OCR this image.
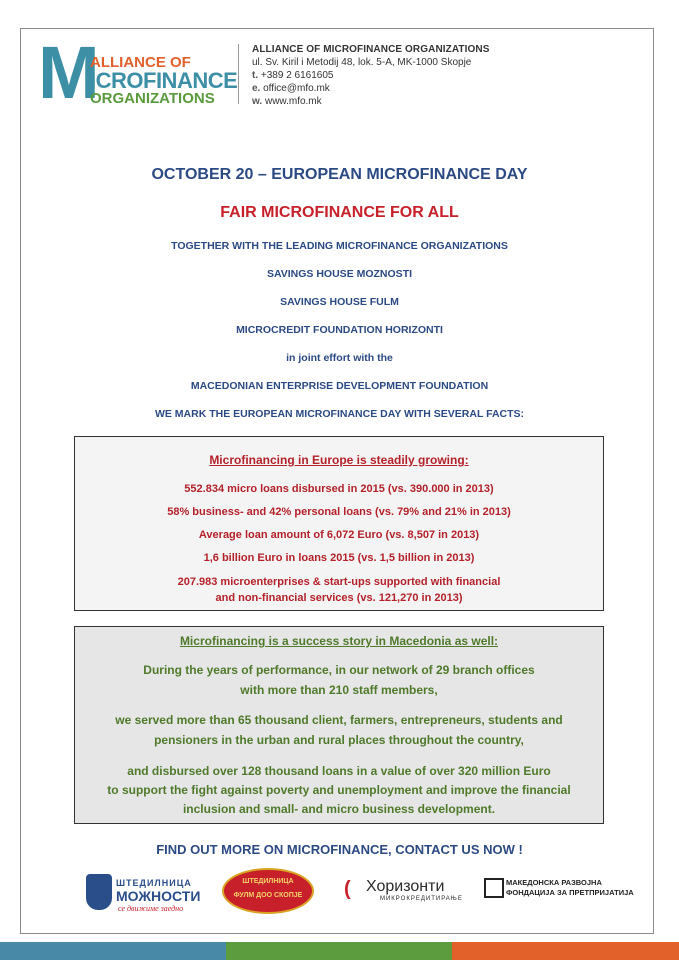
M
ALLIANCE OF
ICROFINANCE
ORGANIZATIONS
ALLIANCE OF MICROFINANCE ORGANIZATIONS
ul. Sv. Kiril i Metodij 48, lok. 5-A, MK-1000 Skopje
t. +389 2 6161605
e. office@mfo.mk
w. www.mfo.mk
OCTOBER 20 – EUROPEAN MICROFINANCE DAY
FAIR MICROFINANCE FOR ALL
TOGETHER WITH THE LEADING MICROFINANCE ORGANIZATIONS
SAVINGS HOUSE MOZNOSTI
SAVINGS HOUSE FULM
MICROCREDIT FOUNDATION HORIZONTI
in joint effort with the
MACEDONIAN ENTERPRISE DEVELOPMENT FOUNDATION
WE MARK THE EUROPEAN MICROFINANCE DAY WITH SEVERAL FACTS:
Microfinancing in Europe is steadily growing:
552.834 micro loans disbursed in 2015 (vs. 390.000 in 2013)
58% business- and 42% personal loans (vs. 79% and 21% in 2013)
Average loan amount of 6,072 Euro (vs. 8,507 in 2013)
1,6 billion Euro in loans 2015 (vs. 1,5 billion in 2013)
207.983 microenterprises & start-ups supported with financial
and non-financial services (vs. 121,270 in 2013)
Microfinancing is a success story in Macedonia as well:
During the years of performance, in our network of 29 branch offices
with more than 210 staff members,
we served more than 65 thousand client, farmers, entrepreneurs, students and
pensioners in the urban and rural places throughout the country,
and disbursed over 128 thousand loans in a value of over 320 million Euro
to support the fight against poverty and unemployment and improve the financial
inclusion and small- and micro business development.
FIND OUT MORE ON MICROFINANCE, CONTACT US NOW !
ШТЕДИЛНИЦА
МОЖНОСТИ
се движиме заедно
ШТЕДИЛНИЦА
ФУЛМ ДОО СКОПЈЕ	( Хоризонти
МИКРОКРЕДИТИРАЊЕ
МАКЕДОНСКА РАЗВОЈНА
ФОНДАЦИЈА ЗА ПРЕТПРИЈАТИЈА
